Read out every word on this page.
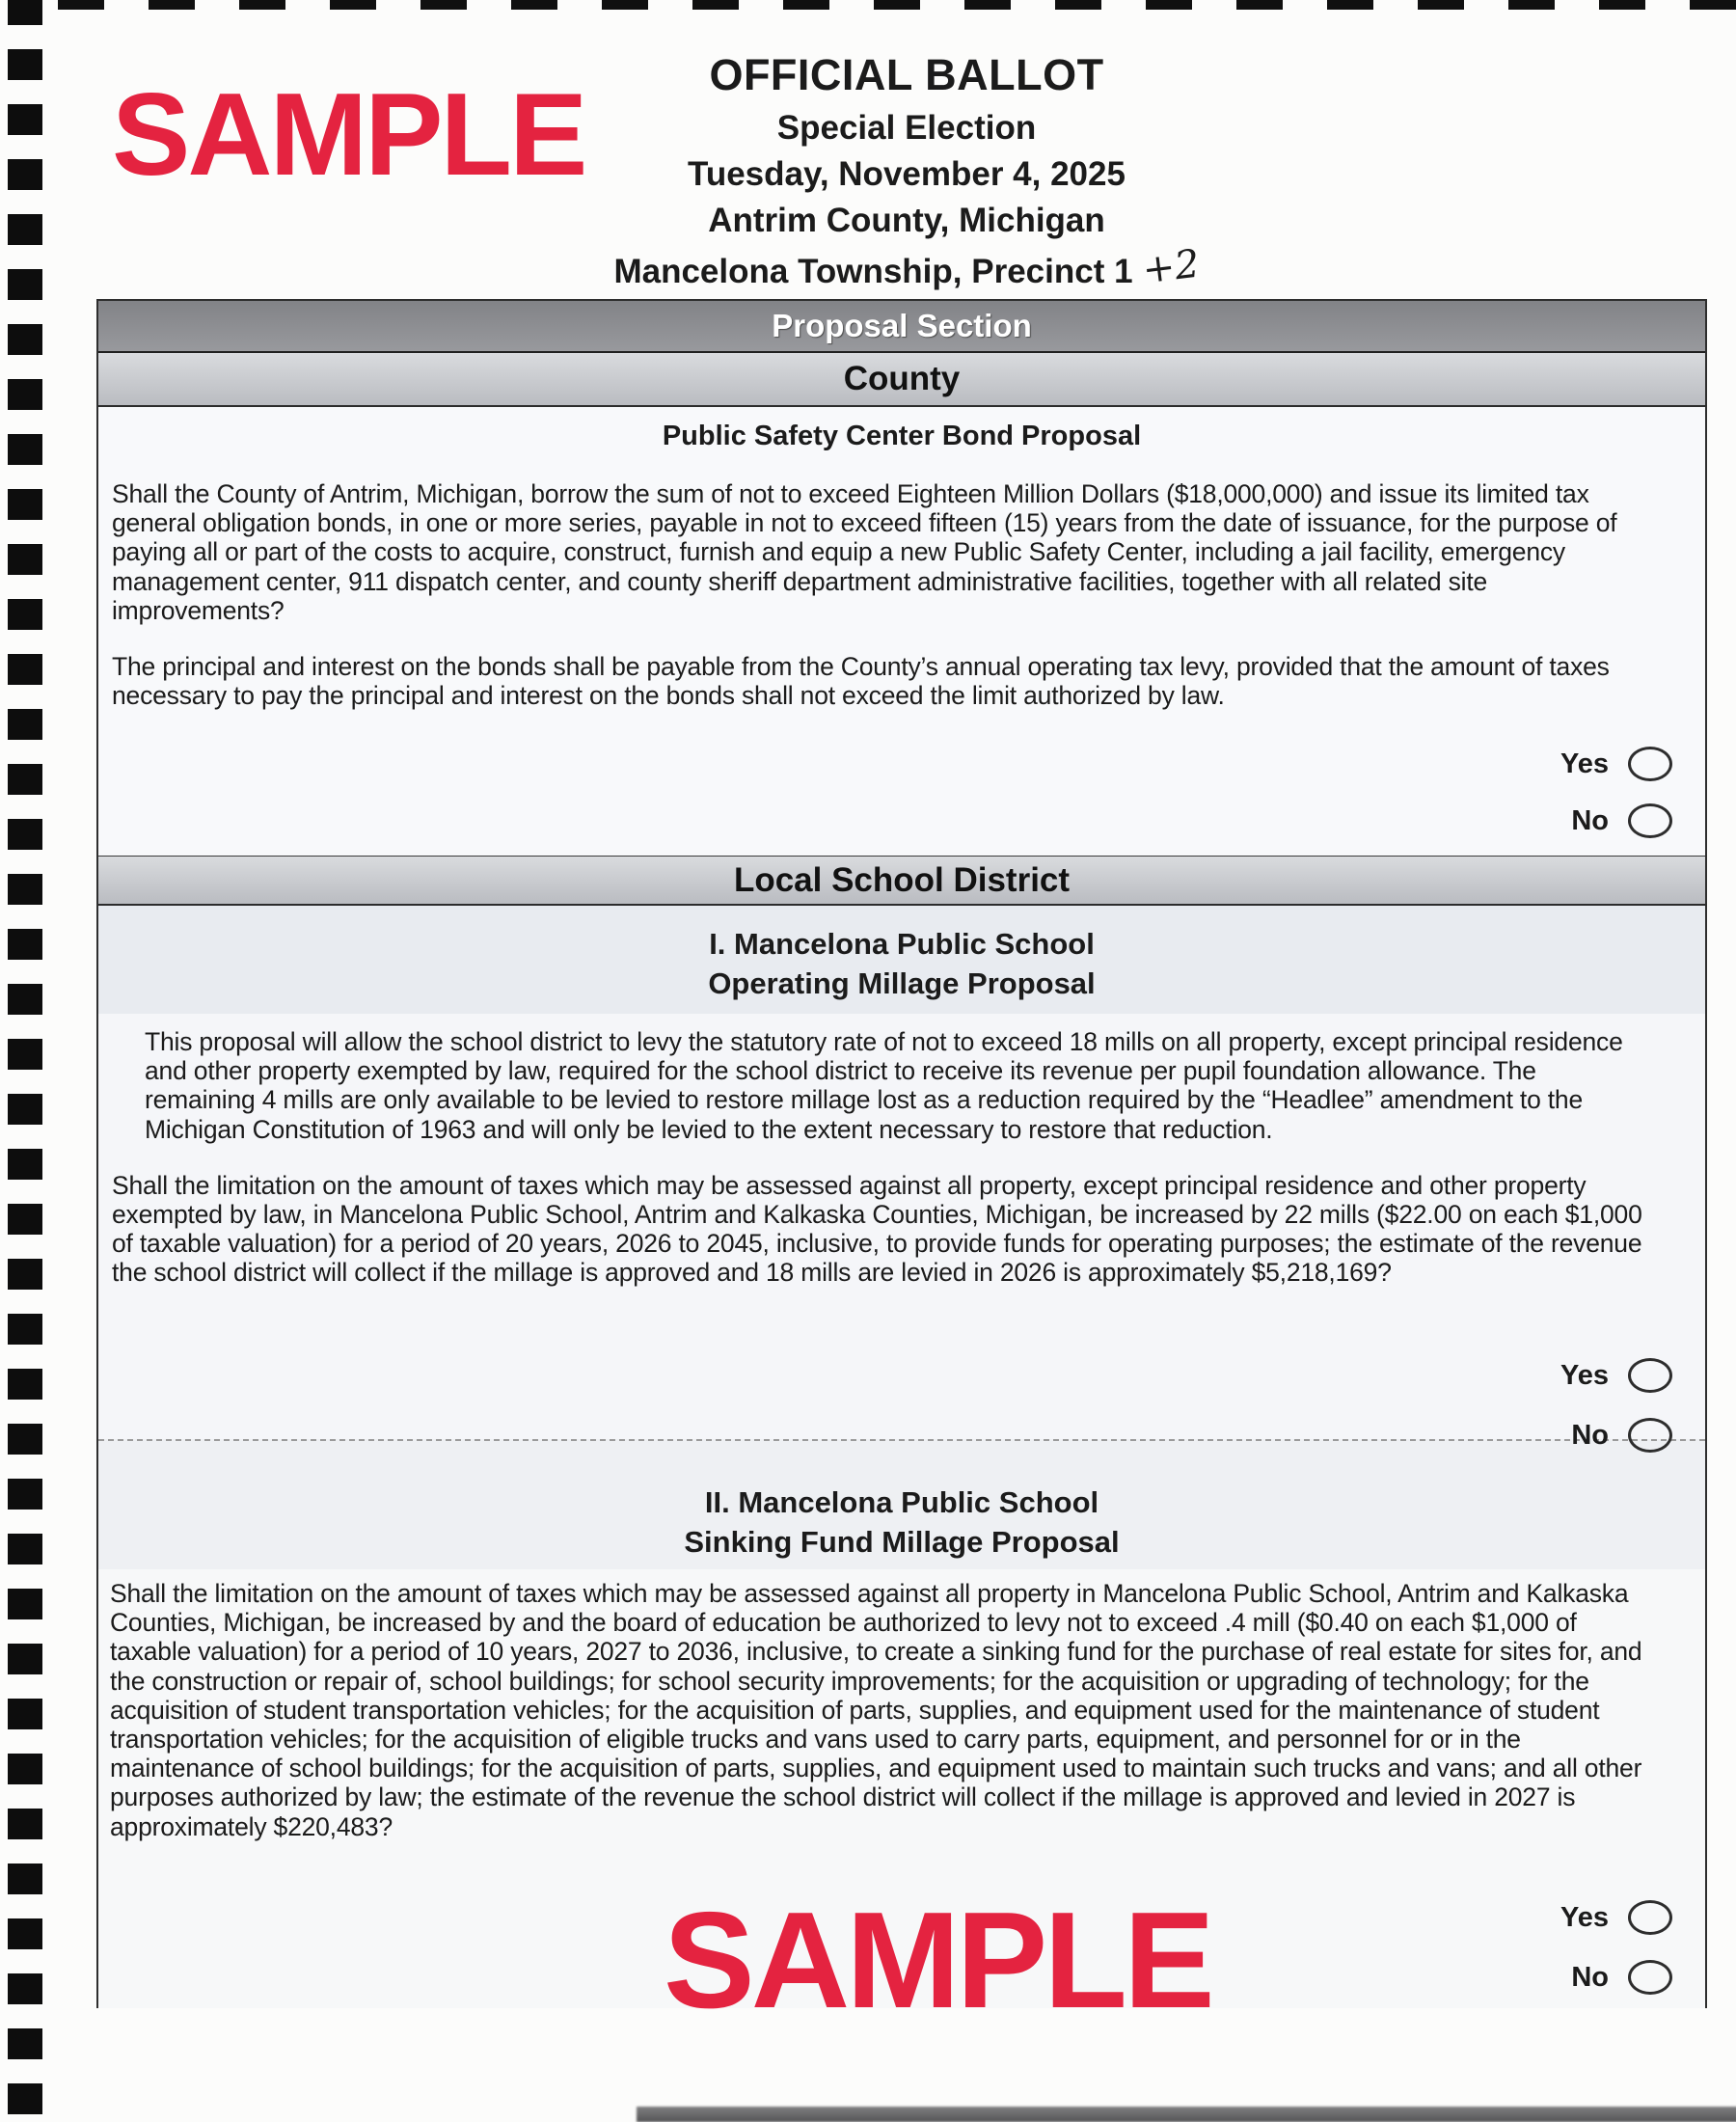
SAMPLE	OFFICIAL BALLOT
Special Election
Tuesday, November 4, 2025
Antrim County, Michigan
Mancelona Township, Precinct 1 +2
Proposal Section
County
Public Safety Center Bond Proposal

Shall the County of Antrim, Michigan, borrow the sum of not to exceed Eighteen Million Dollars ($18,000,000) and issue its limited tax general obligation bonds, in one or more series, payable in not to exceed fifteen (15) years from the date of issuance, for the purpose of paying all or part of the costs to acquire, construct, furnish and equip a new Public Safety Center, including a jail facility, emergency management center, 911 dispatch center, and county sheriff department administrative facilities, together with all related site improvements?

The principal and interest on the bonds shall be payable from the County’s annual operating tax levy, provided that the amount of taxes necessary to pay the principal and interest on the bonds shall not exceed the limit authorized by law.

Local School District
I. Mancelona Public School
Operating Millage Proposal

This proposal will allow the school district to levy the statutory rate of not to exceed 18 mills on all property, except principal residence and other property exempted by law, required for the school district to receive its revenue per pupil foundation allowance. The remaining 4 mills are only available to be levied to restore millage lost as a reduction required by the “Headlee” amendment to the Michigan Constitution of 1963 and will only be levied to the extent necessary to restore that reduction.

Shall the limitation on the amount of taxes which may be assessed against all property, except principal residence and other property exempted by law, in Mancelona Public School, Antrim and Kalkaska Counties, Michigan, be increased by 22 mills ($22.00 on each $1,000 of taxable valuation) for a period of 20 years, 2026 to 2045, inclusive, to provide funds for operating purposes; the estimate of the revenue the school district will collect if the millage is approved and 18 mills are levied in 2026 is approximately $5,218,169?

II. Mancelona Public School
Sinking Fund Millage Proposal

Shall the limitation on the amount of taxes which may be assessed against all property in Mancelona Public School, Antrim and Kalkaska Counties, Michigan, be increased by and the board of education be authorized to levy not to exceed .4 mill ($0.40 on each $1,000 of taxable valuation) for a period of 10 years, 2027 to 2036, inclusive, to create a sinking fund for the purchase of real estate for sites for, and the construction or repair of, school buildings; for school security improvements; for the acquisition or upgrading of technology; for the acquisition of student transportation vehicles; for the acquisition of parts, supplies, and equipment used for the maintenance of student transportation vehicles; for the acquisition of eligible trucks and vans used to carry parts, equipment, and personnel for or in the maintenance of school buildings; for the acquisition of parts, supplies, and equipment used to maintain such trucks and vans; and all other purposes authorized by law; the estimate of the revenue the school district will collect if the millage is approved and levied in 2027 is approximately $220,483?

Yes
No
Yes
No
Yes
No
SAMPLE
